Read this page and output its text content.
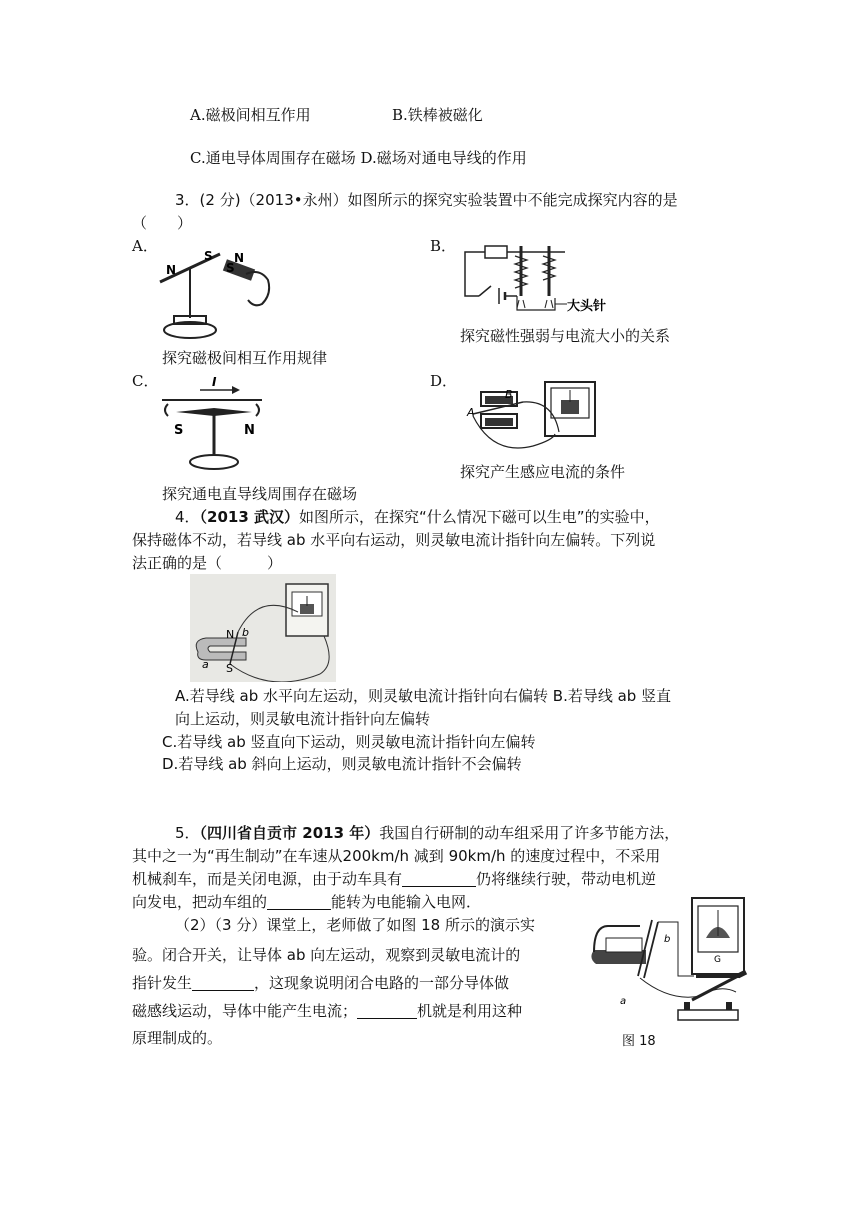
A.磁极间相互作用	B.铁棒被磁化
C.通电导体周围存在磁场 D.磁场对通电导线的作用
3．(2 分)（2013•永州）如图所示的探究实验装置中不能完成探究内容的是
（　　）
A．	B．
N
S
S
N
大头针
探究磁性强弱与电流大小的关系
探究磁极间相互作用规律
C．	D．
I
S	N
A
B
探究产生感应电流的条件
探究通电直导线周围存在磁场
4．（2013 武汉）如图所示，在探究“什么情况下磁可以生电”的实验中，
保持磁体不动，若导线 ab 水平向右运动，则灵敏电流计指针向左偏转。下列说
法正确的是（　　　）
N b
a S
A.若导线 ab 水平向左运动，则灵敏电流计指针向右偏转 B.若导线 ab 竖直
向上运动，则灵敏电流计指针向左偏转
C.若导线 ab 竖直向下运动，则灵敏电流计指针向左偏转
D.若导线 ab 斜向上运动，则灵敏电流计指针不会偏转
5．（四川省自贡市 2013 年）我国自行研制的动车组采用了许多节能方法，
其中之一为“再生制动”在车速从200km/h 减到 90km/h 的速度过程中，不采用
机械刹车，而是关闭电源，由于动车具有	仍将继续行驶，带动电机逆
向发电，把动车组的	能转为电能输入电网．
（2）（3 分）课堂上，老师做了如图 18 所示的演示实
验。闭合开关，让导体 ab 向左运动，观察到灵敏电流计的
指针发生	，这现象说明闭合电路的一部分导体做
磁感线运动，导体中能产生电流；	机就是利用这种
原理制成的。
G
b
a
图 18
